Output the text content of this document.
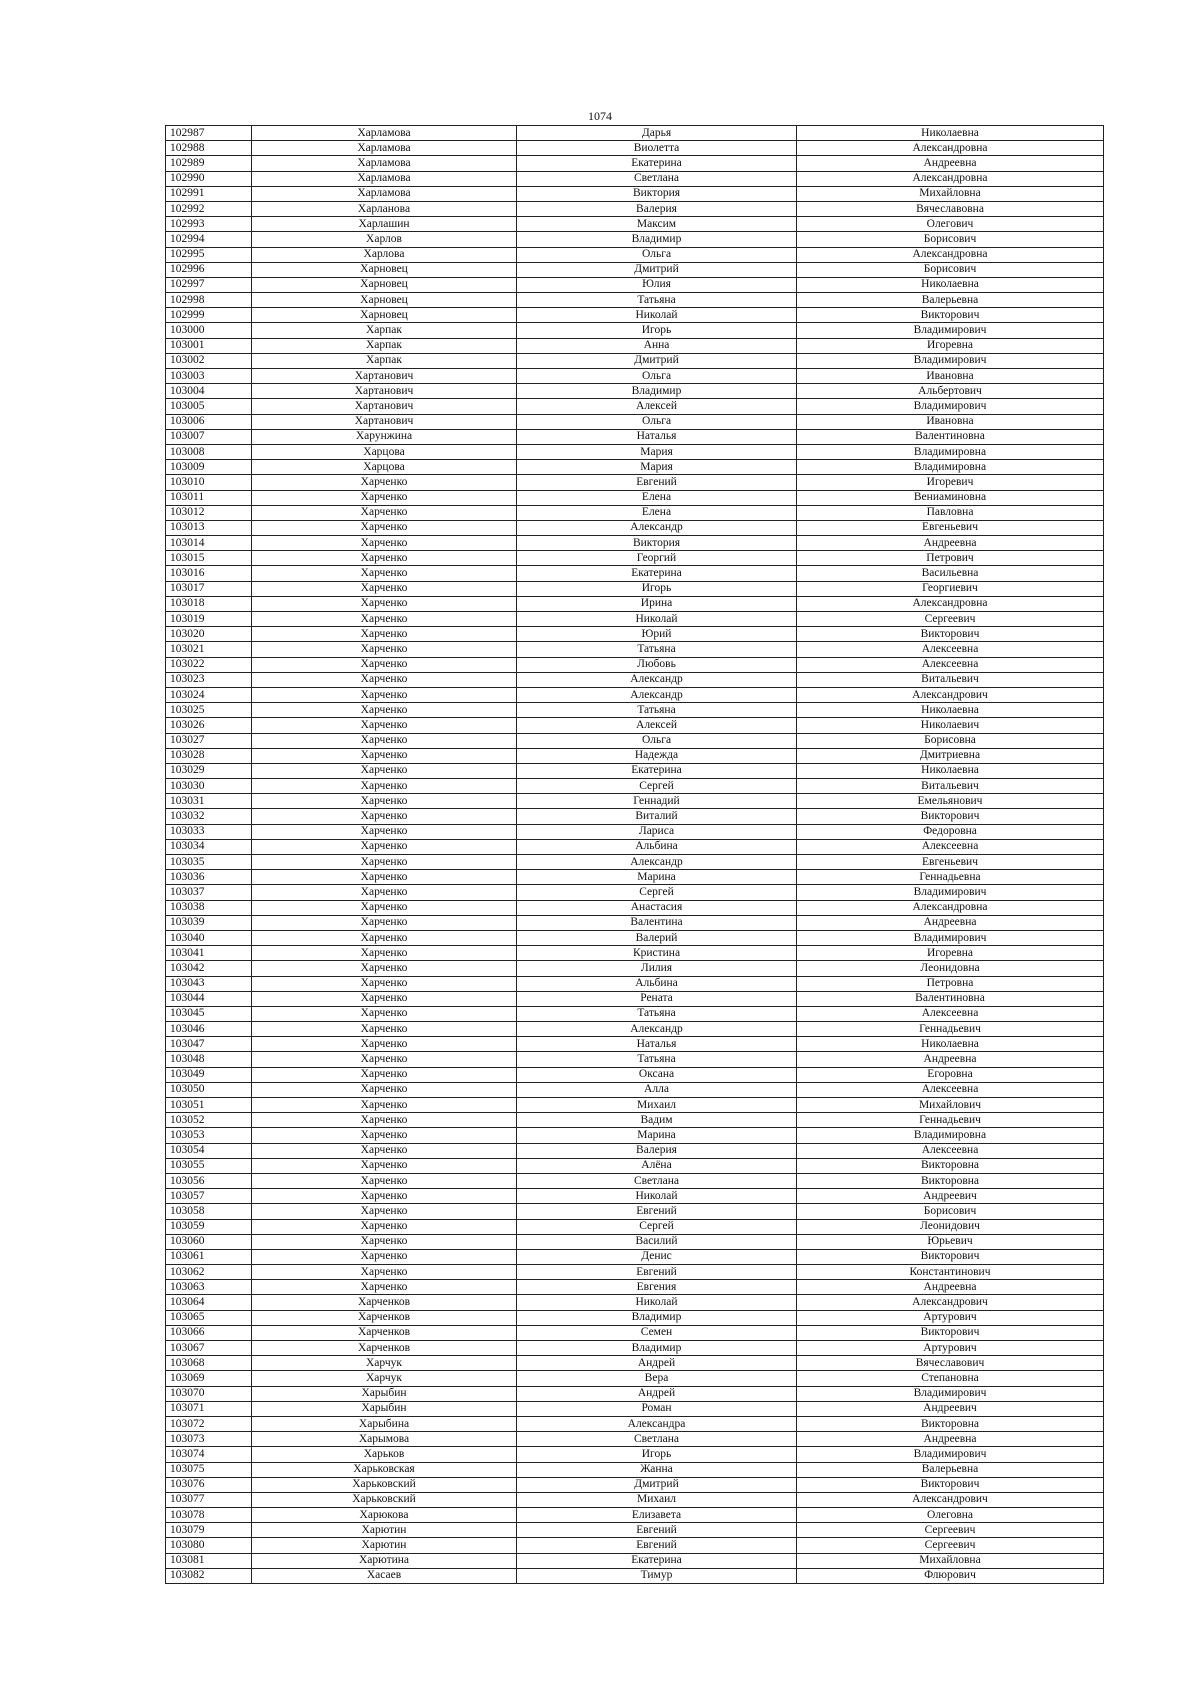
1074
102987	Харламова	Дарья	Николаевна
102988	Харламова	Виолетта	Александровна
102989	Харламова	Екатерина	Андреевна
102990	Харламова	Светлана	Александровна
102991	Харламова	Виктория	Михайловна
102992	Харланова	Валерия	Вячеславовна
102993	Харлашин	Максим	Олегович
102994	Харлов	Владимир	Борисович
102995	Харлова	Ольга	Александровна
102996	Харновец	Дмитрий	Борисович
102997	Харновец	Юлия	Николаевна
102998	Харновец	Татьяна	Валерьевна
102999	Харновец	Николай	Викторович
103000	Харпак	Игорь	Владимирович
103001	Харпак	Анна	Игоревна
103002	Харпак	Дмитрий	Владимирович
103003	Хартанович	Ольга	Ивановна
103004	Хартанович	Владимир	Альбертович
103005	Хартанович	Алексей	Владимирович
103006	Хартанович	Ольга	Ивановна
103007	Харунжина	Наталья	Валентиновна
103008	Харцова	Мария	Владимировна
103009	Харцова	Мария	Владимировна
103010	Харченко	Евгений	Игоревич
103011	Харченко	Елена	Вениаминовна
103012	Харченко	Елена	Павловна
103013	Харченко	Александр	Евгеньевич
103014	Харченко	Виктория	Андреевна
103015	Харченко	Георгий	Петрович
103016	Харченко	Екатерина	Васильевна
103017	Харченко	Игорь	Георгиевич
103018	Харченко	Ирина	Александровна
103019	Харченко	Николай	Сергеевич
103020	Харченко	Юрий	Викторович
103021	Харченко	Татьяна	Алексеевна
103022	Харченко	Любовь	Алексеевна
103023	Харченко	Александр	Витальевич
103024	Харченко	Александр	Александрович
103025	Харченко	Татьяна	Николаевна
103026	Харченко	Алексей	Николаевич
103027	Харченко	Ольга	Борисовна
103028	Харченко	Надежда	Дмитриевна
103029	Харченко	Екатерина	Николаевна
103030	Харченко	Сергей	Витальевич
103031	Харченко	Геннадий	Емельянович
103032	Харченко	Виталий	Викторович
103033	Харченко	Лариса	Федоровна
103034	Харченко	Альбина	Алексеевна
103035	Харченко	Александр	Евгеньевич
103036	Харченко	Марина	Геннадьевна
103037	Харченко	Сергей	Владимирович
103038	Харченко	Анастасия	Александровна
103039	Харченко	Валентина	Андреевна
103040	Харченко	Валерий	Владимирович
103041	Харченко	Кристина	Игоревна
103042	Харченко	Лилия	Леонидовна
103043	Харченко	Альбина	Петровна
103044	Харченко	Рената	Валентиновна
103045	Харченко	Татьяна	Алексеевна
103046	Харченко	Александр	Геннадьевич
103047	Харченко	Наталья	Николаевна
103048	Харченко	Татьяна	Андреевна
103049	Харченко	Оксана	Егоровна
103050	Харченко	Алла	Алексеевна
103051	Харченко	Михаил	Михайлович
103052	Харченко	Вадим	Геннадьевич
103053	Харченко	Марина	Владимировна
103054	Харченко	Валерия	Алексеевна
103055	Харченко	Алёна	Викторовна
103056	Харченко	Светлана	Викторовна
103057	Харченко	Николай	Андреевич
103058	Харченко	Евгений	Борисович
103059	Харченко	Сергей	Леонидович
103060	Харченко	Василий	Юрьевич
103061	Харченко	Денис	Викторович
103062	Харченко	Евгений	Константинович
103063	Харченко	Евгения	Андреевна
103064	Харченков	Николай	Александрович
103065	Харченков	Владимир	Артурович
103066	Харченков	Семен	Викторович
103067	Харченков	Владимир	Артурович
103068	Харчук	Андрей	Вячеславович
103069	Харчук	Вера	Степановна
103070	Харыбин	Андрей	Владимирович
103071	Харыбин	Роман	Андреевич
103072	Харыбина	Александра	Викторовна
103073	Харымова	Светлана	Андреевна
103074	Харьков	Игорь	Владимирович
103075	Харьковская	Жанна	Валерьевна
103076	Харьковский	Дмитрий	Викторович
103077	Харьковский	Михаил	Александрович
103078	Харюкова	Елизавета	Олеговна
103079	Харютин	Евгений	Сергеевич
103080	Харютин	Евгений	Сергеевич
103081	Харютина	Екатерина	Михайловна
103082	Хасаев	Тимур	Флюрович
